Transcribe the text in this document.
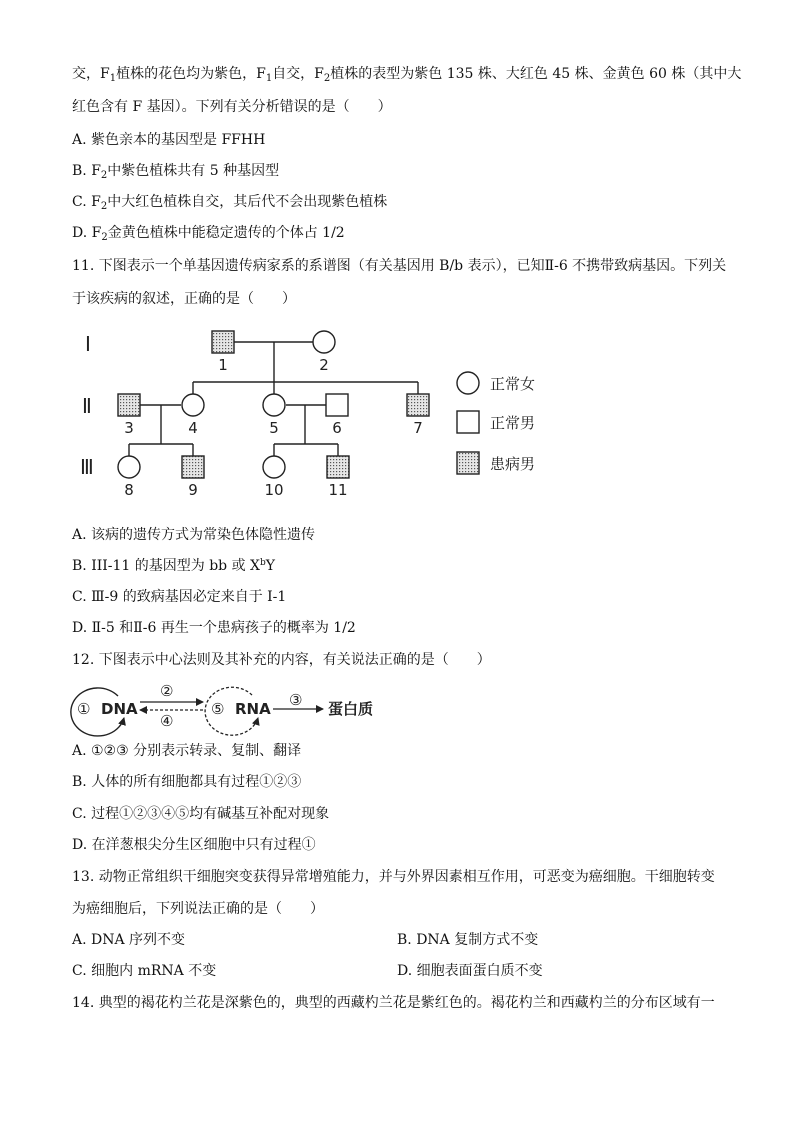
交，$F_1$植株的花色均为紫色，$F_1$自交，$F_2$植株的表型为紫色 135 株、大红色 45 株、金黄色 60 株（其中大
红色含有 F 基因）。下列有关分析错误的是（　　）
A. 紫色亲本的基因型是 FFHH
B. $F_2$中紫色植株共有 5 种基因型
C. $F_2$中大红色植株自交，其后代不会出现紫色植株
D. $F_2$金黄色植株中能稳定遗传的个体占 1/2
11. 下图表示一个单基因遗传病家系的系谱图（有关基因用 B/b 表示），已知Ⅱ-6 不携带致病基因。下列关
于该疾病的叙述，正确的是（　　）
Ⅰ
Ⅱ
Ⅲ
1	2
3	4	5	6	7
8	9	10	11
正常女
正常男
患病男
A. 该病的遗传方式为常染色体隐性遗传
B. III-11 的基因型为 bb 或 $X^bY$
C. Ⅲ-9 的致病基因必定来自于 I-1
D. Ⅱ-5 和Ⅱ-6 再生一个患病孩子的概率为 1/2
12. 下图表示中心法则及其补充的内容，有关说法正确的是（　　）
① DNA
②
④
⑤ RNA ③ 蛋白质
A. ①②③ 分别表示转录、复制、翻译
B. 人体的所有细胞都具有过程①②③
C. 过程①②③④⑤均有碱基互补配对现象
D. 在洋葱根尖分生区细胞中只有过程①
13. 动物正常组织干细胞突变获得异常增殖能力，并与外界因素相互作用，可恶变为癌细胞。干细胞转变
为癌细胞后，下列说法正确的是（　　）
A. DNA 序列不变	B. DNA 复制方式不变
C. 细胞内 mRNA 不变	D. 细胞表面蛋白质不变
14. 典型的褐花杓兰花是深紫色的，典型的西藏杓兰花是紫红色的。褐花杓兰和西藏杓兰的分布区域有一
